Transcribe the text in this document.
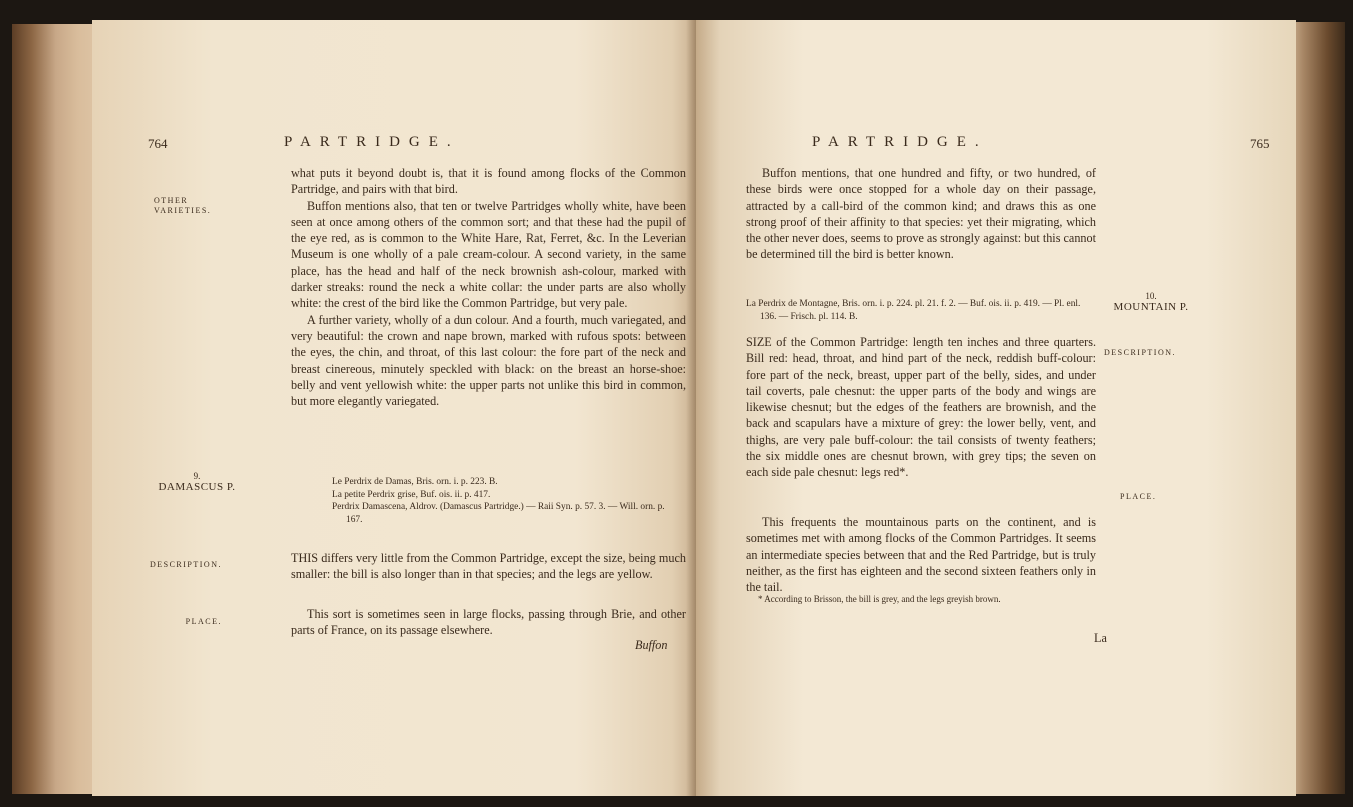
764	PARTRIDGE.
OTHER VARIETIES.

what puts it beyond doubt is, that it is found among flocks of the Common Partridge, and pairs with that bird.

Buffon mentions also, that ten or twelve Partridges wholly white, have been seen at once among others of the common sort; and that these had the pupil of the eye red, as is common to the White Hare, Rat, Ferret, &c. In the Leverian Museum is one wholly of a pale cream-colour. A second variety, in the same place, has the head and half of the neck brownish ash-colour, marked with darker streaks: round the neck a white collar: the under parts are also wholly white: the crest of the bird like the Common Partridge, but very pale.

A further variety, wholly of a dun colour. And a fourth, much variegated, and very beautiful: the crown and nape brown, marked with rufous spots: between the eyes, the chin, and throat, of this last colour: the fore part of the neck and breast cinereous, minutely speckled with black: on the breast an horse-shoe: belly and vent yellowish white: the upper parts not unlike this bird in common, but more elegantly variegated.

9.
DAMASCUS P.	Le Perdrix de Damas, Bris. orn. i. p. 223. B.
La petite Perdrix grise, Buf. ois. ii. p. 417.
Perdrix Damascena, Aldrov. (Damascus Partridge.) — Raii Syn. p. 57. 3. — Will. orn. p. 167.
DESCRIPTION.	THIS differs very little from the Common Partridge, except the size, being much smaller: the bill is also longer than in that species; and the legs are yellow.
PLACE.
This sort is sometimes seen in large flocks, passing through Brie, and other parts of France, on its passage elsewhere.
Buffon
PARTRIDGE.	765

Buffon mentions, that one hundred and fifty, or two hundred, of these birds were once stopped for a whole day on their passage, attracted by a call-bird of the common kind; and draws this as one strong proof of their affinity to that species: yet their migrating, which the other never does, seems to prove as strongly against: but this cannot be determined till the bird is better known.

La Perdrix de Montagne, Bris. orn. i. p. 224. pl. 21. f. 2. — Buf. ois. ii. p. 419. — Pl. enl. 136. — Frisch. pl. 114. B.
10.
MOUNTAIN P.
SIZE of the Common Partridge: length ten inches and three quarters. Bill red: head, throat, and hind part of the neck, reddish buff-colour: fore part of the neck, breast, upper part of the belly, sides, and under tail coverts, pale chesnut: the upper parts of the body and wings are likewise chesnut; but the edges of the feathers are brownish, and the back and scapulars have a mixture of grey: the lower belly, vent, and thighs, are very pale buff-colour: the tail consists of twenty feathers; the six middle ones are chesnut brown, with grey tips; the seven on each side pale chesnut: legs red*.
DESCRIPTION.
This frequents the mountainous parts on the continent, and is sometimes met with among flocks of the Common Partridges. It seems an intermediate species between that and the Red Partridge, but is truly neither, as the first has eighteen and the second sixteen feathers only in the tail.
PLACE.
* According to Brisson, the bill is grey, and the legs greyish brown.
La
